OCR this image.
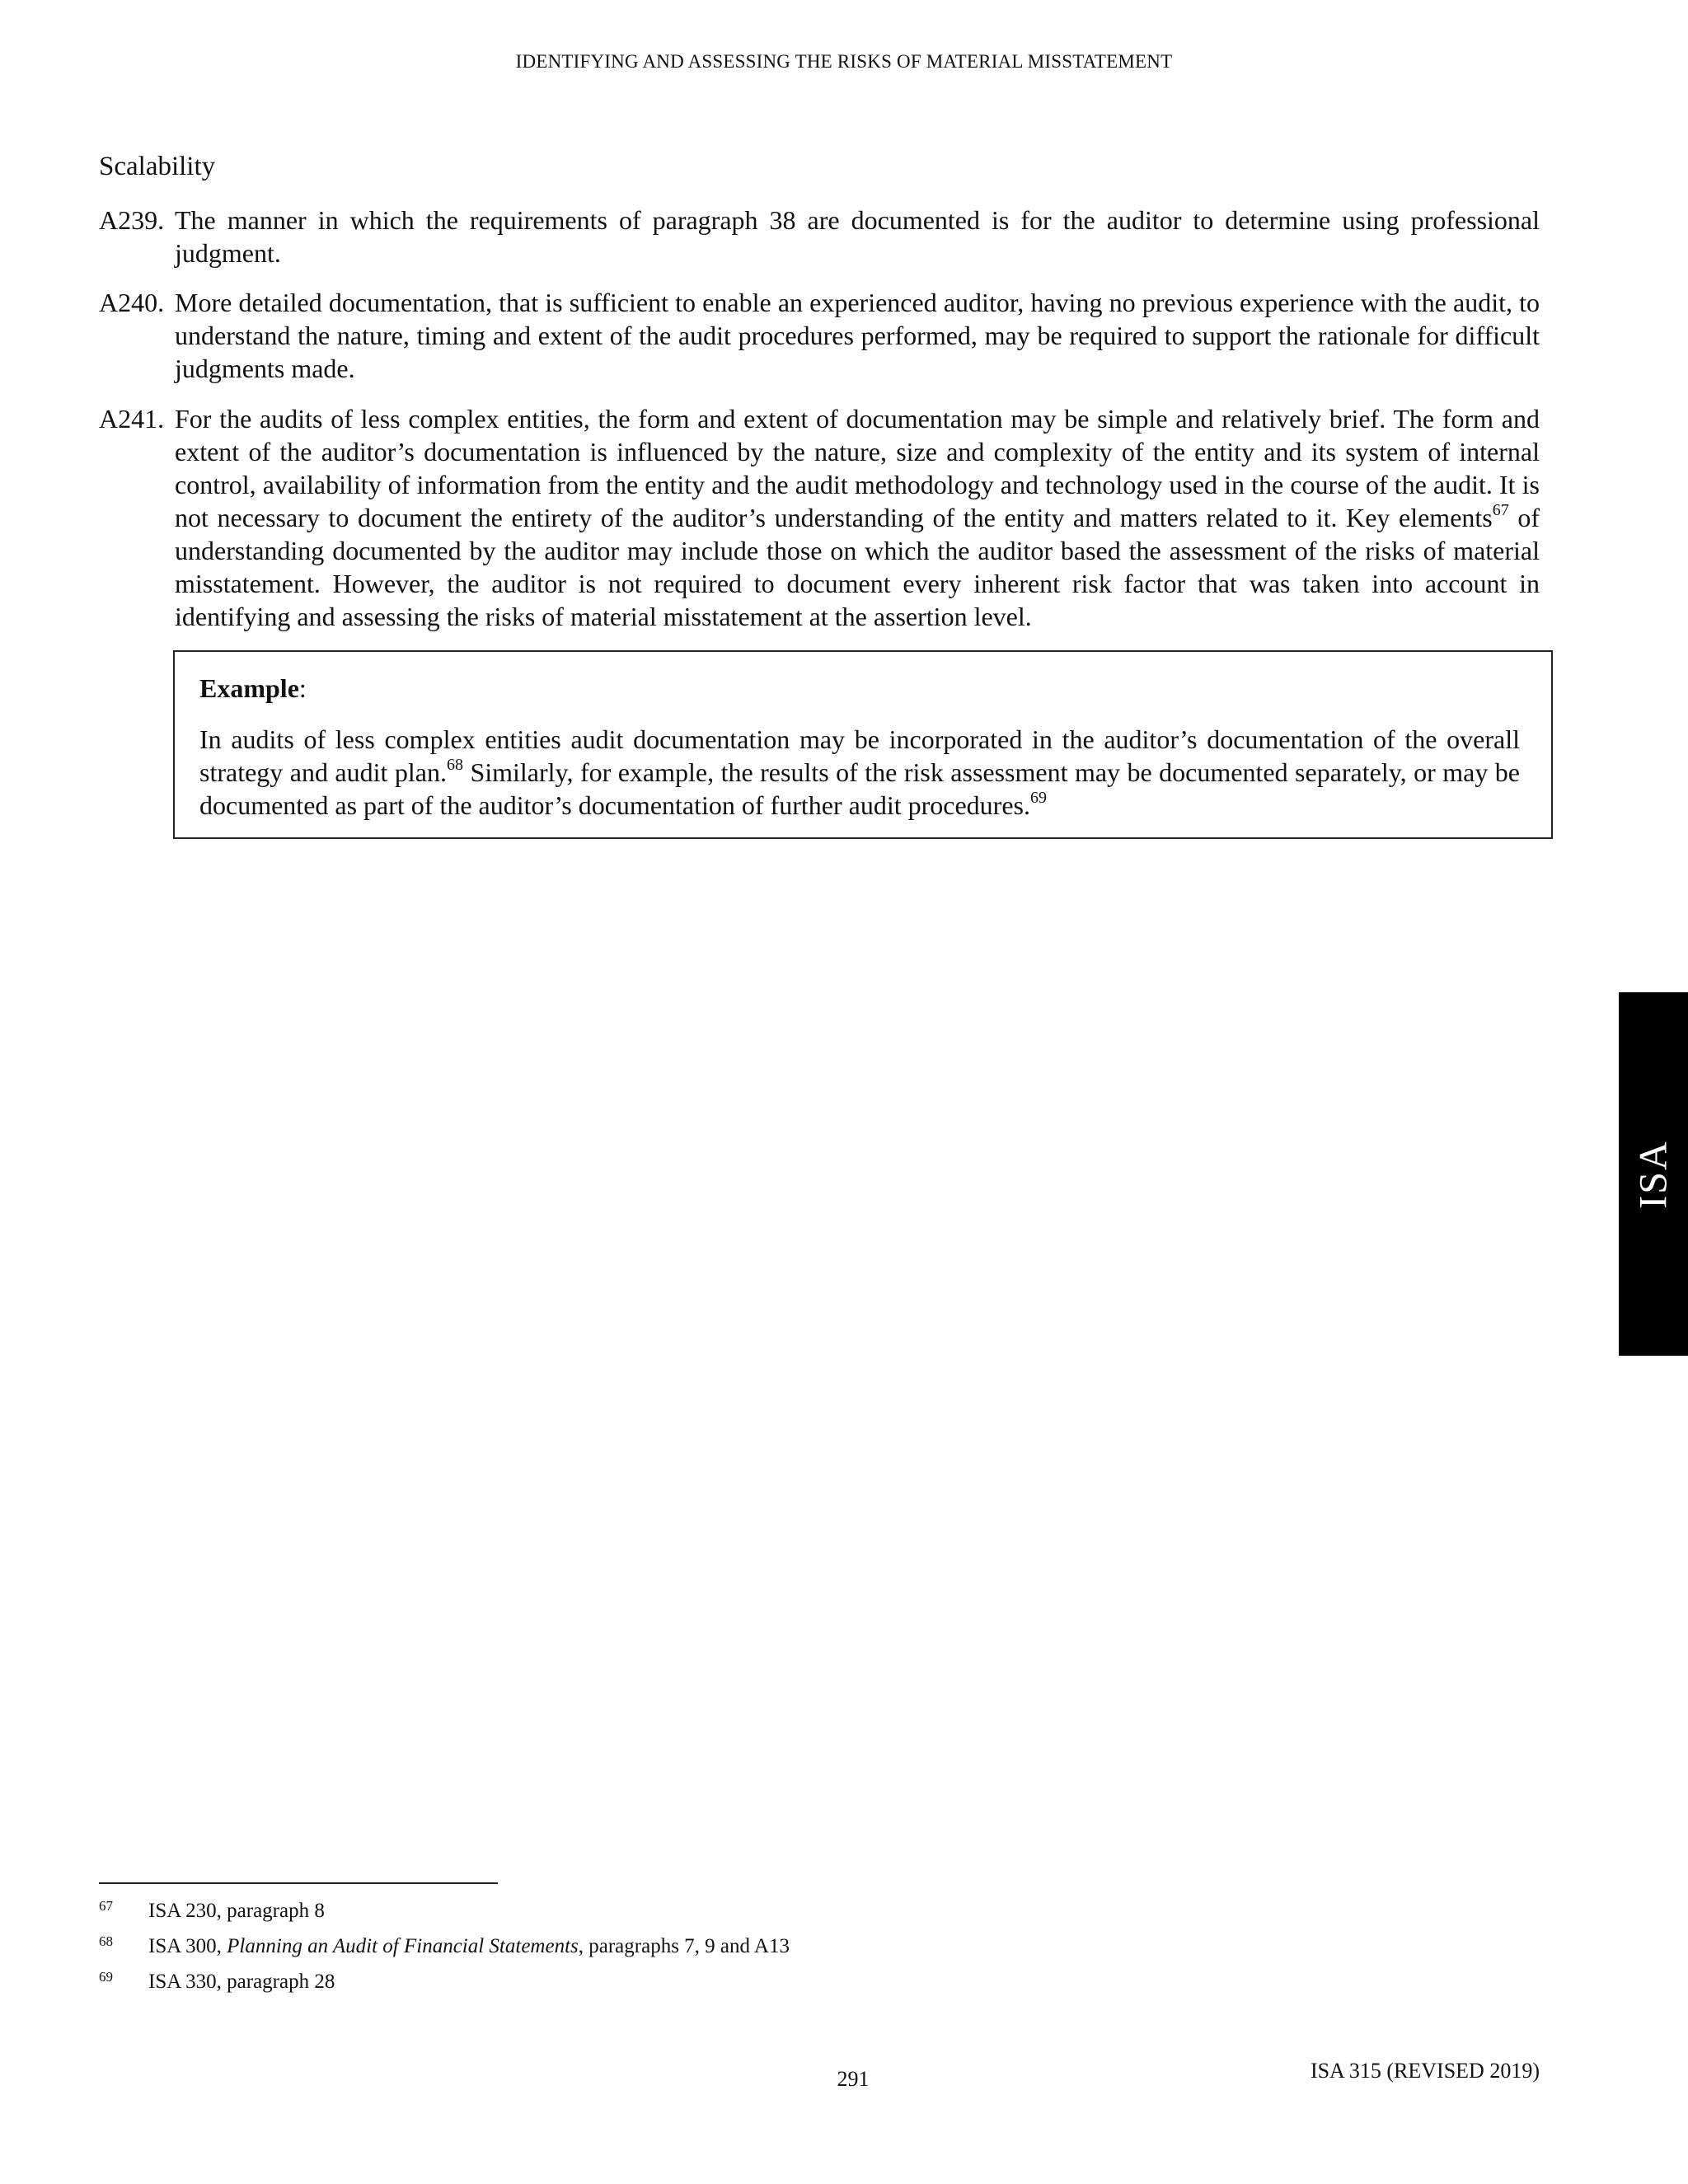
IDENTIFYING AND ASSESSING THE RISKS OF MATERIAL MISSTATEMENT
Scalability
A239. The manner in which the requirements of paragraph 38 are documented is for the auditor to determine using professional judgment.
A240. More detailed documentation, that is sufficient to enable an experienced auditor, having no previous experience with the audit, to understand the nature, timing and extent of the audit procedures performed, may be required to support the rationale for difficult judgments made.
A241. For the audits of less complex entities, the form and extent of documentation may be simple and relatively brief. The form and extent of the auditor’s documentation is influenced by the nature, size and complexity of the entity and its system of internal control, availability of information from the entity and the audit methodology and technology used in the course of the audit. It is not necessary to document the entirety of the auditor’s understanding of the entity and matters related to it. Key elements$^{67}$ of understanding documented by the auditor may include those on which the auditor based the assessment of the risks of material misstatement. However, the auditor is not required to document every inherent risk factor that was taken into account in identifying and assessing the risks of material misstatement at the assertion level.

Example:

In audits of less complex entities audit documentation may be incorporated in the auditor’s documentation of the overall strategy and audit plan.$^{68}$ Similarly, for example, the results of the risk assessment may be documented separately, or may be documented as part of the auditor’s documentation of further audit procedures.$^{69}$

ISA
67 ISA 230, paragraph 8
68 ISA 300, Planning an Audit of Financial Statements, paragraphs 7, 9 and A13
69 ISA 330, paragraph 28
291	ISA 315 (REVISED 2019)
